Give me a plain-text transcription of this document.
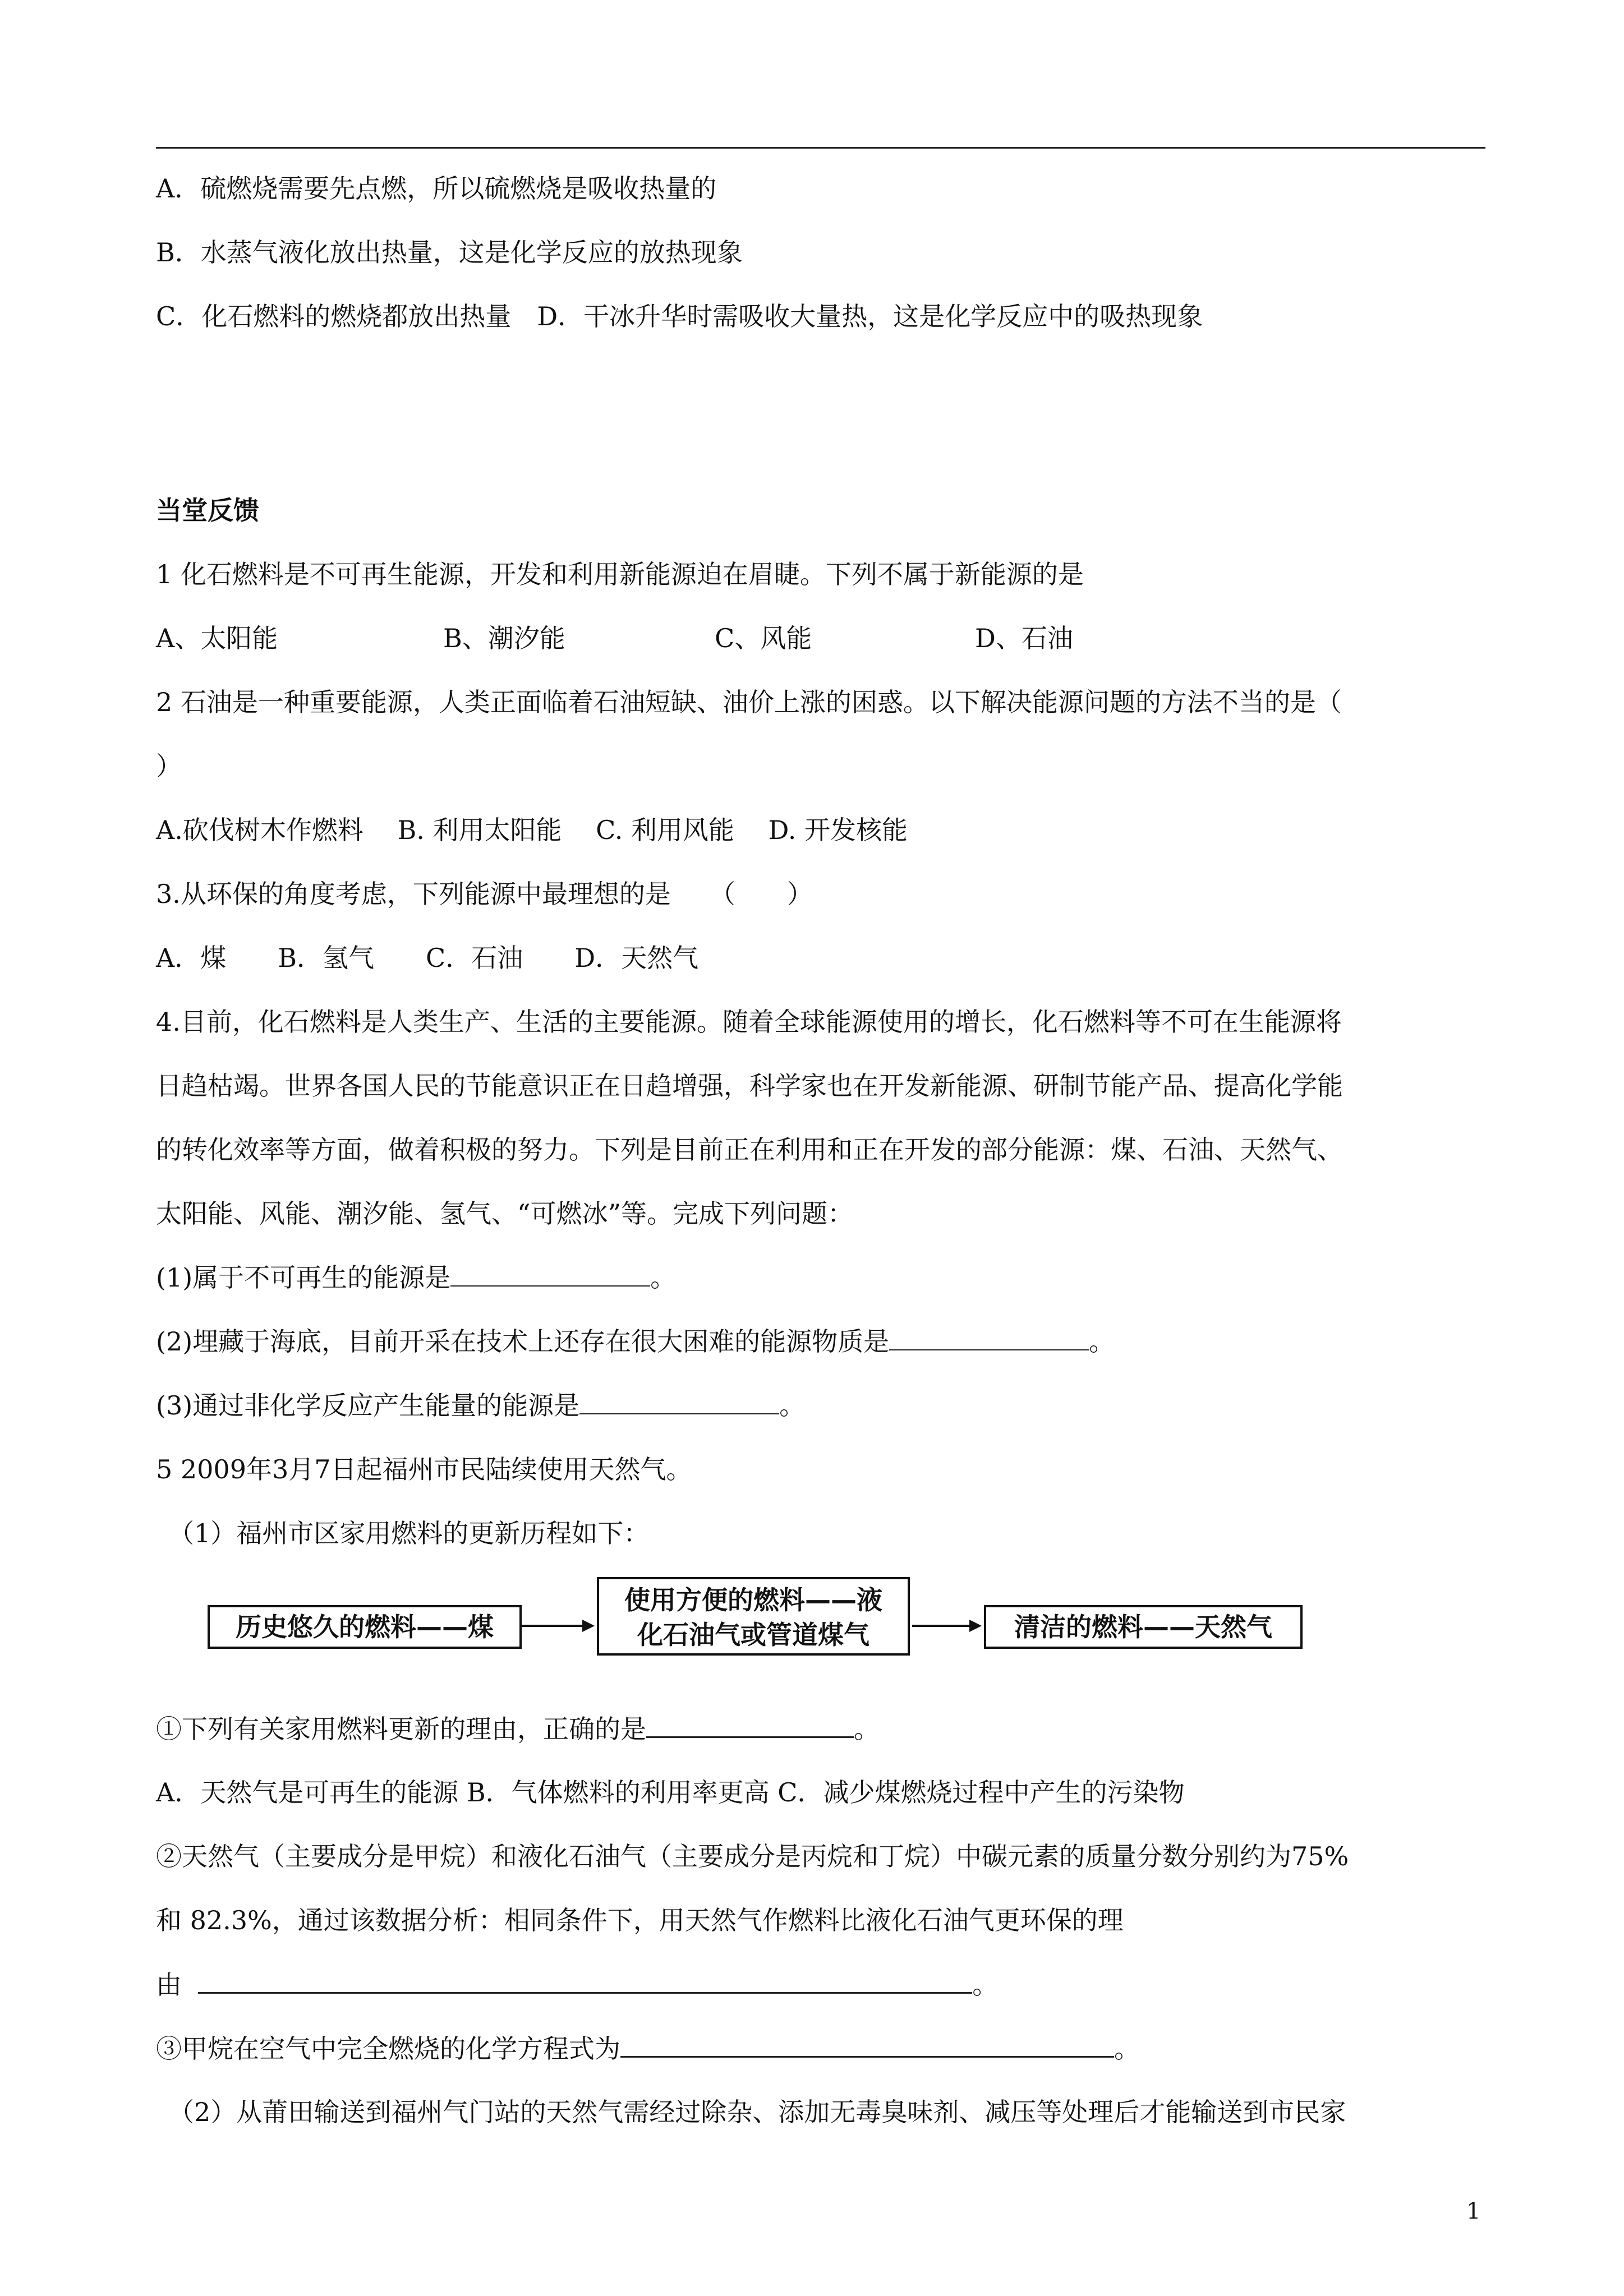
A．硫燃烧需要先点燃，所以硫燃烧是吸收热量的
B．水蒸气液化放出热量，这是化学反应的放热现象
C．化石燃料的燃烧都放出热量　D．干冰升华时需吸收大量热，这是化学反应中的吸热现象
当堂反馈
1 化石燃料是不可再生能源，开发和利用新能源迫在眉睫。下列不属于新能源的是
A、太阳能	B、潮汐能	C、风能	D、石油
2 石油是一种重要能源，人类正面临着石油短缺、油价上涨的困惑。以下解决能源问题的方法不当的是（
）
A.砍伐树木作燃料　 B. 利用太阳能　 C. 利用风能　 D. 开发核能
3.从环保的角度考虑，下列能源中最理想的是　　（　　）
A．煤　　B．氢气　　C．石油　　D．天然气
4.目前，化石燃料是人类生产、生活的主要能源。随着全球能源使用的增长，化石燃料等不可在生能源将
日趋枯竭。世界各国人民的节能意识正在日趋增强，科学家也在开发新能源、研制节能产品、提高化学能
的转化效率等方面，做着积极的努力。下列是目前正在利用和正在开发的部分能源：煤、石油、天然气、
太阳能、风能、潮汐能、氢气、“可燃冰”等。完成下列问题：
(1)属于不可再生的能源是	。
(2)埋藏于海底，目前开采在技术上还存在很大困难的能源物质是	。
(3)通过非化学反应产生能量的能源是	。
5 2009年3月7日起福州市民陆续使用天然气。
（1）福州市区家用燃料的更新历程如下：
历史悠久的燃料——煤
使用方便的燃料——液
化石油气或管道煤气	清洁的燃料——天然气
①下列有关家用燃料更新的理由，正确的是	。
A．天然气是可再生的能源 B．气体燃料的利用率更高 C．减少煤燃烧过程中产生的污染物
②天然气（主要成分是甲烷）和液化石油气（主要成分是丙烷和丁烷）中碳元素的质量分数分别约为75%
和 82.3%，通过该数据分析：相同条件下，用天然气作燃料比液化石油气更环保的理
由	。
③甲烷在空气中完全燃烧的化学方程式为	。
（2）从莆田输送到福州气门站的天然气需经过除杂、添加无毒臭味剂、减压等处理后才能输送到市民家
1
